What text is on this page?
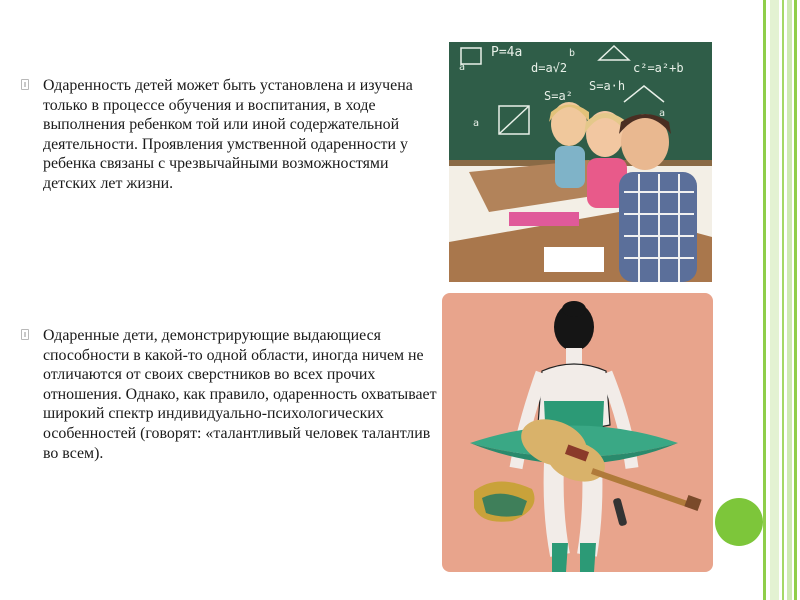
Одаренность детей может быть установлена и изучена только в процессе обучения и воспитания, в ходе выполнения ребенком той или иной содержательной деятельности. Проявления умственной одаренности у ребенка связаны с чрезвычайными возможностями детских лет жизни.
Одаренные дети, демонстрирующие выдающиеся способности в какой-то одной области, иногда ничем не отличаются от своих сверстников во всех прочих отношения. Однако, как правило, одаренность охватывает широкий спектр индивидуально-психологических особенностей (говорят: «талантливый человек талантлив во всем).
P=4a
d=a√2
S=a²
c²=a²+b
S=a·h
a
b
a
a
